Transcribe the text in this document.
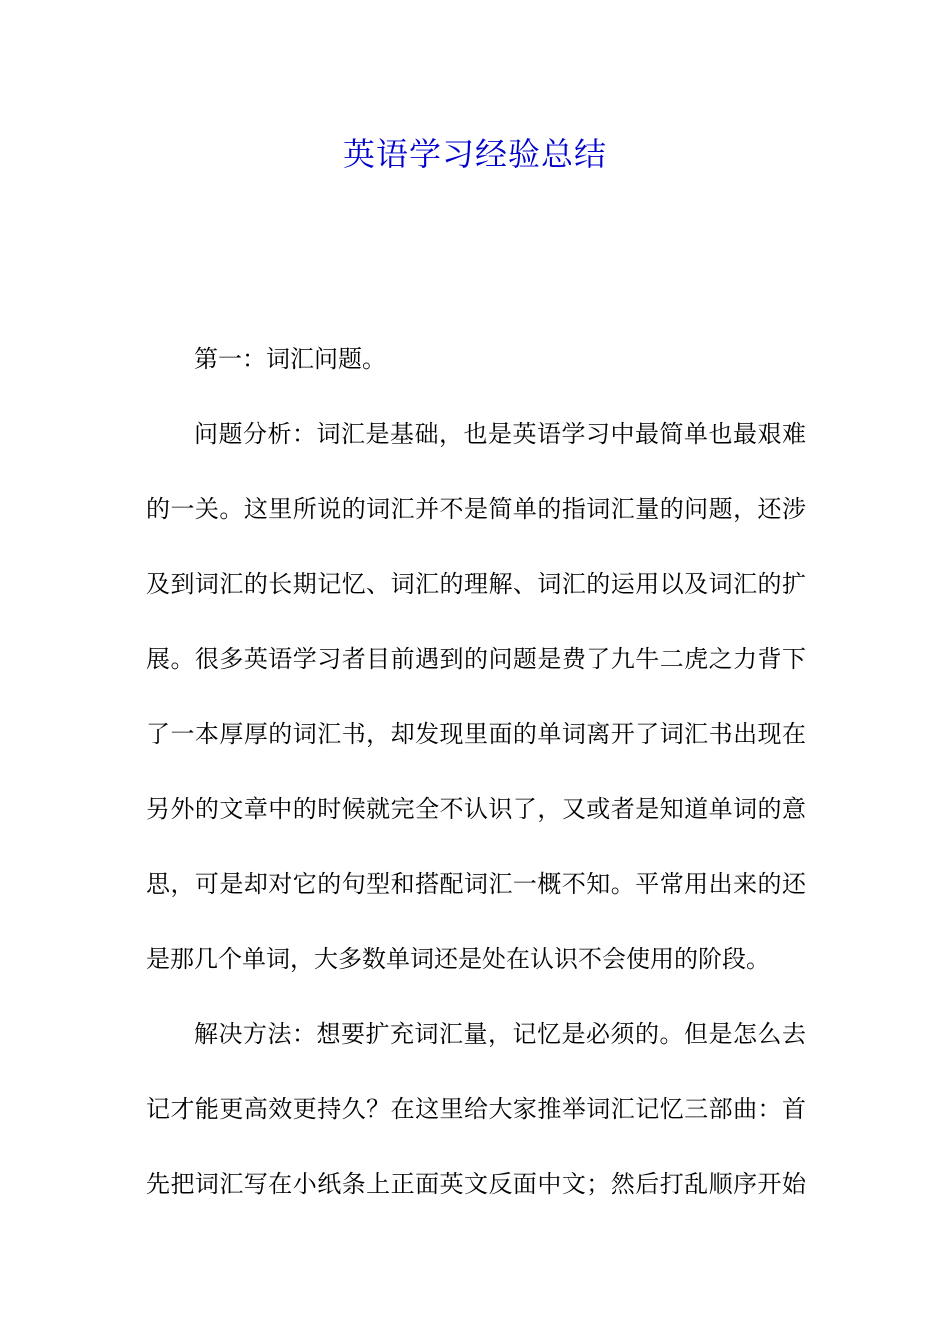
英语学习经验总结
第一：词汇问题。
问题分析：词汇是基础，也是英语学习中最简单也最艰难
的一关。这里所说的词汇并不是简单的指词汇量的问题，还涉
及到词汇的长期记忆、词汇的理解、词汇的运用以及词汇的扩
展。很多英语学习者目前遇到的问题是费了九牛二虎之力背下
了一本厚厚的词汇书，却发现里面的单词离开了词汇书出现在
另外的文章中的时候就完全不认识了，又或者是知道单词的意
思，可是却对它的句型和搭配词汇一概不知。平常用出来的还
是那几个单词，大多数单词还是处在认识不会使用的阶段。
解决方法：想要扩充词汇量，记忆是必须的。但是怎么去
记才能更高效更持久？在这里给大家推举词汇记忆三部曲：首
先把词汇写在小纸条上正面英文反面中文；然后打乱顺序开始
